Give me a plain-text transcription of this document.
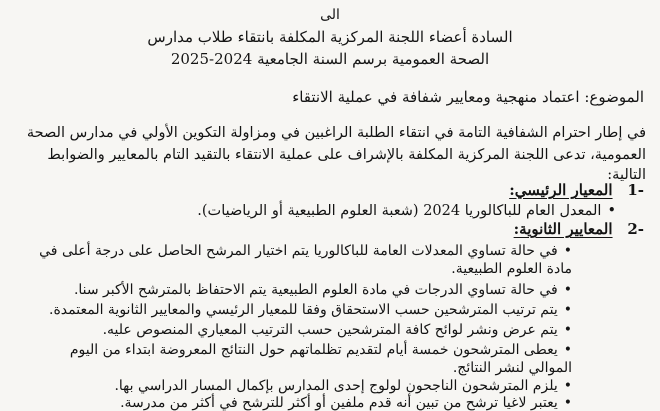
الى
السادة أعضاء اللجنة المركزية المكلفة بانتقاء طلاب مدارس
الصحة العمومية برسم السنة الجامعية 2024-2025
الموضوع: اعتماد منهجية ومعايير شفافة في عملية الانتقاء
في إطار احترام الشفافية التامة في انتقاء الطلبة الراغبين في ومزاولة التكوين الأولي في مدارس الصحة
العمومية، تدعى اللجنة المركزية المكلفة بالإشراف على عملية الانتقاء بالتقيد التام بالمعايير والضوابط
التالية:
-1 المعيار الرئيسي:
• المعدل العام للباكالوريا 2024 (شعبة العلوم الطبيعية أو الرياضيات).
-2 المعايير الثانوية:
• في حالة تساوي المعدلات العامة للباكالوريا يتم اختيار المرشح الحاصل على درجة أعلى في
مادة العلوم الطبيعية.
• في حالة تساوي الدرجات في مادة العلوم الطبيعية يتم الاحتفاظ بالمترشح الأكبر سنا.
• يتم ترتيب المترشحين حسب الاستحقاق وفقا للمعيار الرئيسي والمعايير الثانوية المعتمدة.
• يتم عرض ونشر لوائح كافة المترشحين حسب الترتيب المعياري المنصوص عليه.
• يعطى المترشحون خمسة أيام لتقديم تظلماتهم حول النتائج المعروضة ابتداء من اليوم
الموالي لنشر النتائج.
• يلزم المترشحون الناجحون لولوج إحدى المدارس بإكمال المسار الدراسي بها.
• يعتبر لاغيا ترشح من تبين أنه قدم ملفين أو أكثر للترشح في أكثر من مدرسة.
